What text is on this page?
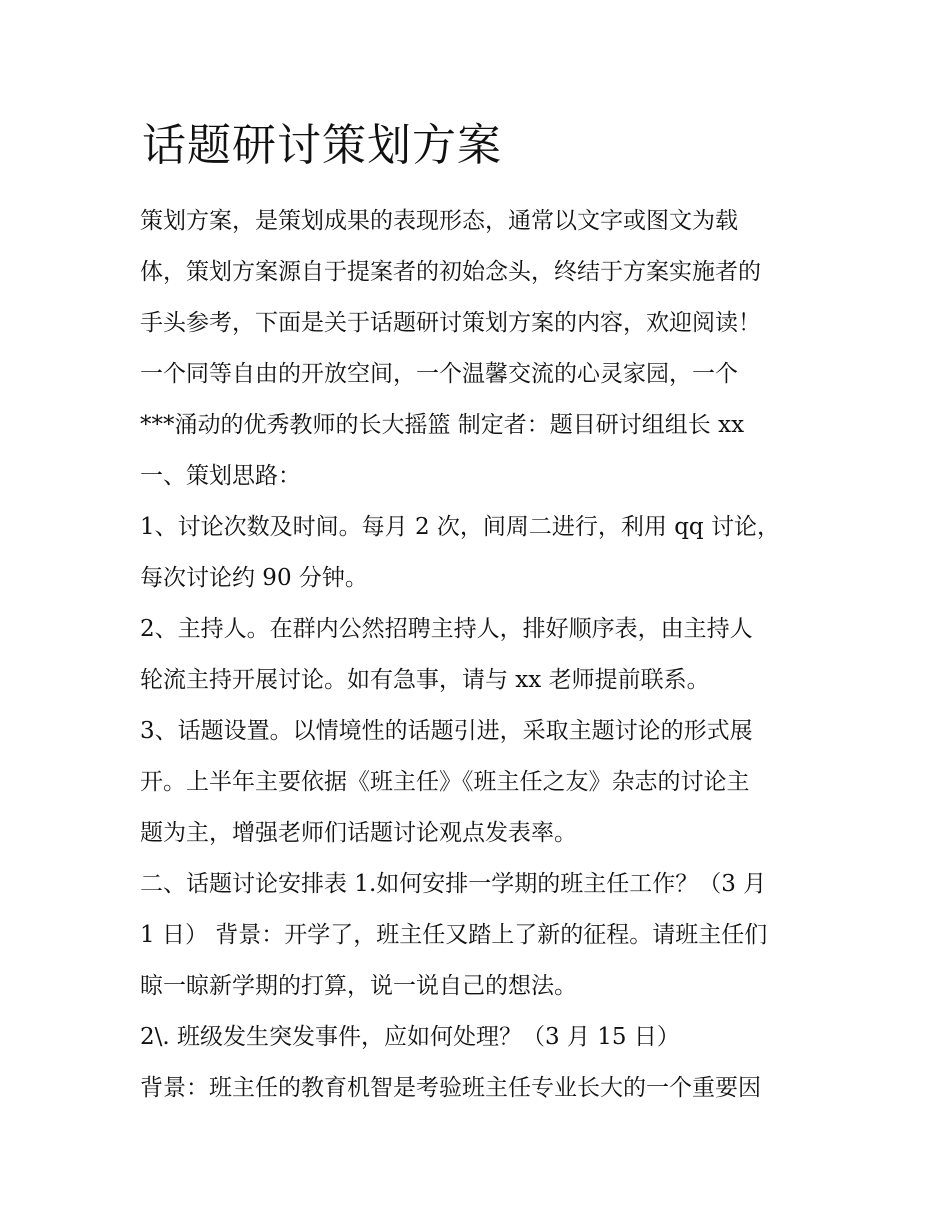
话题研讨策划方案

策划方案，是策划成果的表现形态，通常以文字或图文为载

体，策划方案源自于提案者的初始念头，终结于方案实施者的

手头参考，下面是关于话题研讨策划方案的内容，欢迎阅读！

一个同等自由的开放空间，一个温馨交流的心灵家园，一个

***涌动的优秀教师的长大摇篮 制定者：题目研讨组组长 xx

一、策划思路：

1、讨论次数及时间。每月 2 次，间周二进行，利用 qq 讨论，

每次讨论约 90 分钟。

2、主持人。在群内公然招聘主持人，排好顺序表，由主持人

轮流主持开展讨论。如有急事，请与 xx 老师提前联系。

3、话题设置。以情境性的话题引进，采取主题讨论的形式展

开。上半年主要依据《班主任》《班主任之友》杂志的讨论主

题为主，增强老师们话题讨论观点发表率。

二、话题讨论安排表 1.如何安排一学期的班主任工作？（3 月

1 日） 背景：开学了，班主任又踏上了新的征程。请班主任们

晾一晾新学期的打算，说一说自己的想法。

2\. 班级发生突发事件，应如何处理？（3 月 15 日）

背景：班主任的教育机智是考验班主任专业长大的一个重要因
